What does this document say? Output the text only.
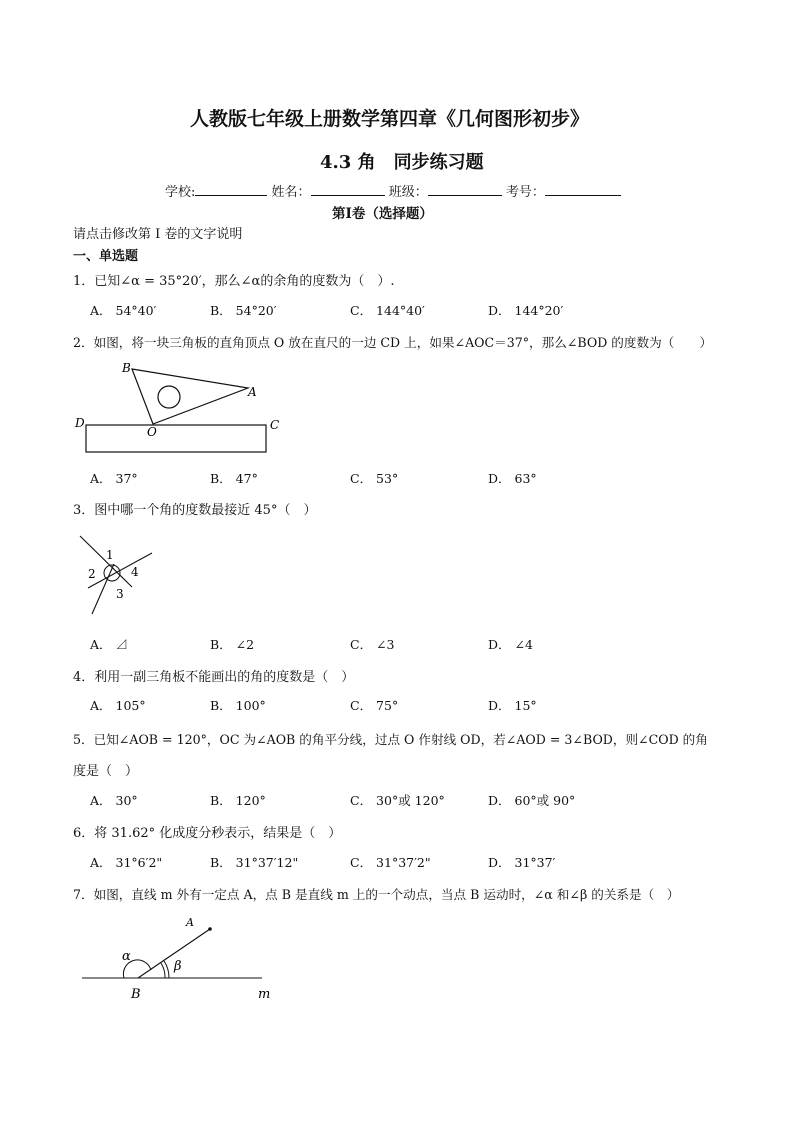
人教版七年级上册数学第四章《几何图形初步》
4.3 角　同步练习题
学校:	姓名：	班级：	考号：
第I卷（选择题）
请点击修改第 I 卷的文字说明
一、单选题
1．已知∠α = 35°20′，那么∠α的余角的度数为（　）.
A． 54°40′	B． 54°20′	C． 144°40′	D． 144°20′
2．如图，将一块三角板的直角顶点 O 放在直尺的一边 CD 上，如果∠AOC＝37°，那么∠BOD 的度数为（　　）
B
A
D
O	C
A． 37°	B． 47°	C． 53°	D． 63°
3．图中哪一个角的度数最接近 45°（　）
1
2	4
3
A． ⊿	B． ∠2	C． ∠3	D． ∠4
4．利用一副三角板不能画出的角的度数是（　）
A． 105°	B． 100°	C． 75°	D． 15°
5．已知∠AOB = 120°，OC 为∠AOB 的角平分线，过点 O 作射线 OD，若∠AOD = 3∠BOD，则∠COD 的角
度是（　）
A． 30°	B． 120°	C． 30°或 120°	D． 60°或 90°
6．将 31.62° 化成度分秒表示，结果是（　）
A． 31°6′2"	B． 31°37′12"	C． 31°37′2"	D． 31°37′
7．如图，直线 m 外有一定点 A，点 B 是直线 m 上的一个动点，当点 B 运动时，∠α 和∠β 的关系是（　）
A
α
β
B	m
